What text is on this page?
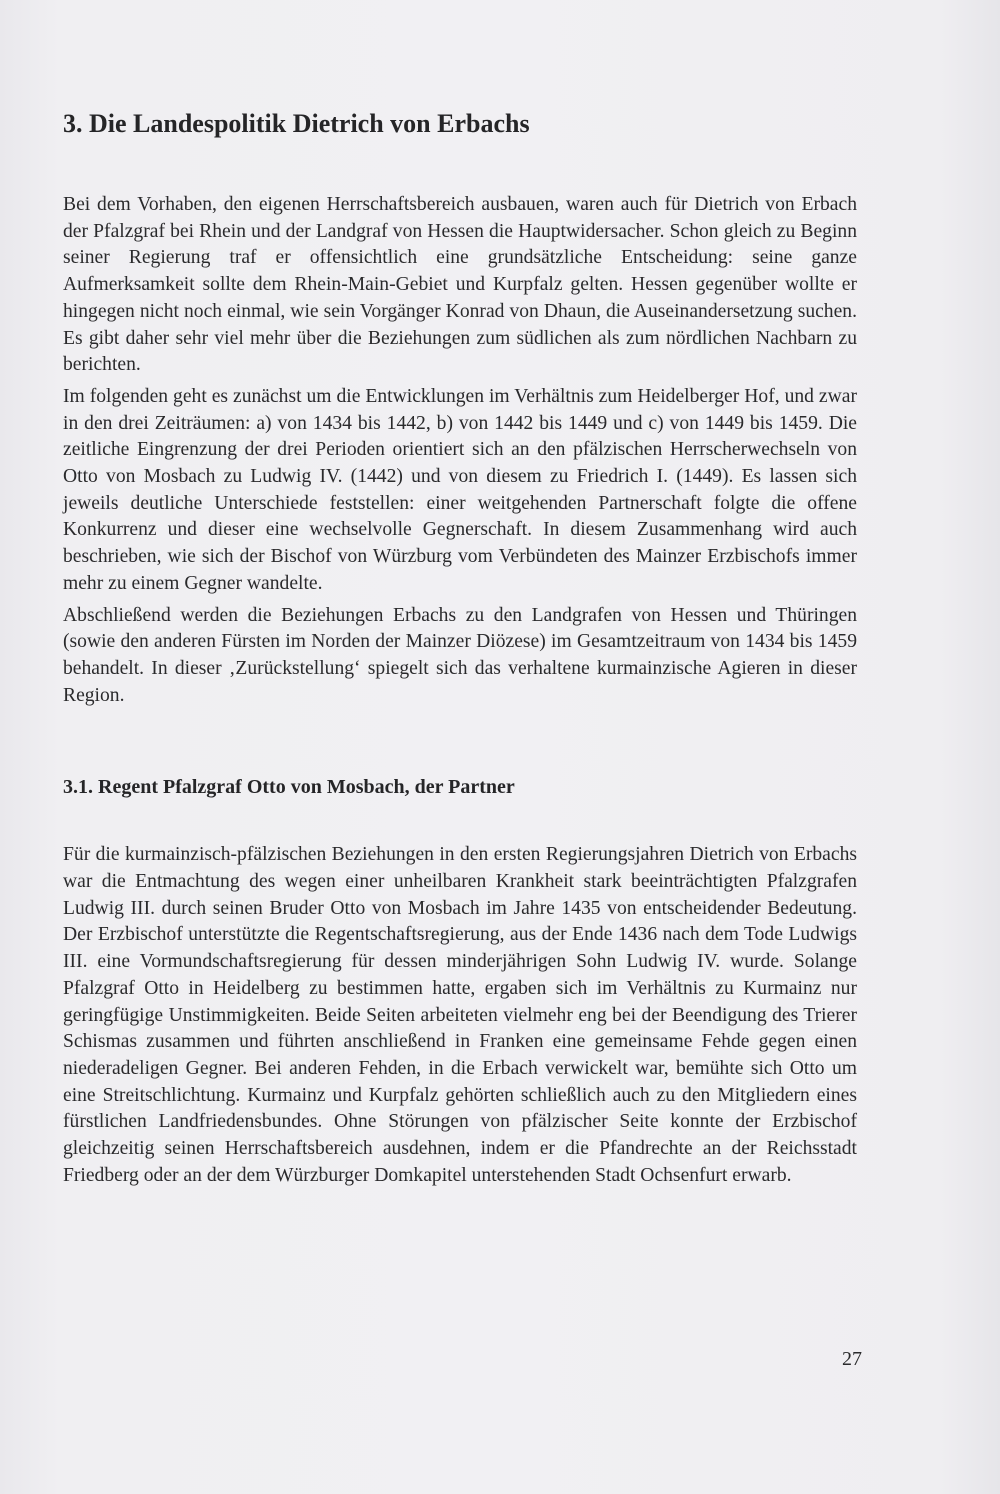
3. Die Landespolitik Dietrich von Erbachs

Bei dem Vorhaben, den eigenen Herrschaftsbereich ausbauen, waren auch für Dietrich von Erbach der Pfalzgraf bei Rhein und der Landgraf von Hessen die Hauptwidersacher. Schon gleich zu Beginn seiner Regierung traf er offensichtlich eine grundsätzliche Entscheidung: seine ganze Aufmerksamkeit sollte dem Rhein-Main-Gebiet und Kurpfalz gelten. Hessen gegenüber wollte er hingegen nicht noch einmal, wie sein Vorgänger Konrad von Dhaun, die Auseinandersetzung suchen. Es gibt daher sehr viel mehr über die Beziehungen zum südlichen als zum nördlichen Nachbarn zu berichten.

Im folgenden geht es zunächst um die Entwicklungen im Verhältnis zum Heidelberger Hof, und zwar in den drei Zeiträumen: a) von 1434 bis 1442, b) von 1442 bis 1449 und c) von 1449 bis 1459. Die zeitliche Eingrenzung der drei Perioden orientiert sich an den pfälzischen Herrscherwechseln von Otto von Mosbach zu Ludwig IV. (1442) und von diesem zu Friedrich I. (1449). Es lassen sich jeweils deutliche Unterschiede feststellen: einer weitgehenden Partnerschaft folgte die offene Konkurrenz und dieser eine wechselvolle Gegnerschaft. In diesem Zusammenhang wird auch beschrieben, wie sich der Bischof von Würzburg vom Verbündeten des Mainzer Erzbischofs immer mehr zu einem Gegner wandelte.

Abschließend werden die Beziehungen Erbachs zu den Landgrafen von Hessen und Thüringen (sowie den anderen Fürsten im Norden der Mainzer Diözese) im Gesamtzeitraum von 1434 bis 1459 behandelt. In dieser ‚Zurückstellung‘ spiegelt sich das verhaltene kurmainzische Agieren in dieser Region.

3.1. Regent Pfalzgraf Otto von Mosbach, der Partner

Für die kurmainzisch-pfälzischen Beziehungen in den ersten Regierungsjahren Dietrich von Erbachs war die Entmachtung des wegen einer unheilbaren Krankheit stark beeinträchtigten Pfalzgrafen Ludwig III. durch seinen Bruder Otto von Mosbach im Jahre 1435 von entscheidender Bedeutung. Der Erzbischof unterstützte die Regentschaftsregierung, aus der Ende 1436 nach dem Tode Ludwigs III. eine Vormundschaftsregierung für dessen minderjährigen Sohn Ludwig IV. wurde. Solange Pfalzgraf Otto in Heidelberg zu bestimmen hatte, ergaben sich im Verhältnis zu Kurmainz nur geringfügige Unstimmigkeiten. Beide Seiten arbeiteten vielmehr eng bei der Beendigung des Trierer Schismas zusammen und führten anschließend in Franken eine gemeinsame Fehde gegen einen niederadeligen Gegner. Bei anderen Fehden, in die Erbach verwickelt war, bemühte sich Otto um eine Streitschlichtung. Kurmainz und Kurpfalz gehörten schließlich auch zu den Mitgliedern eines fürstlichen Landfriedensbundes. Ohne Störungen von pfälzischer Seite konnte der Erzbischof gleichzeitig seinen Herrschaftsbereich ausdehnen, indem er die Pfandrechte an der Reichsstadt Friedberg oder an der dem Würzburger Domkapitel unterstehenden Stadt Ochsenfurt erwarb.

27
